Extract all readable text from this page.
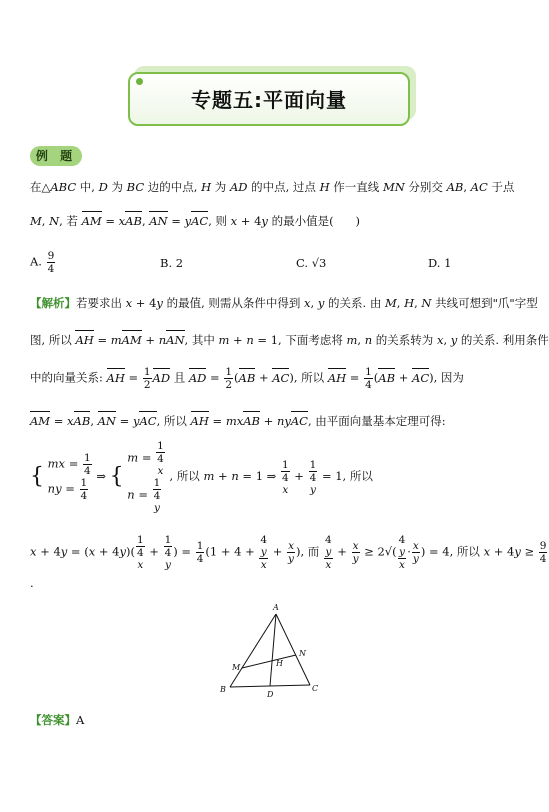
专题五:平面向量
例 题
在△ABC 中, D 为 BC 边的中点, H 为 AD 的中点, 过点 H 作一直线 MN 分别交 AB, AC 于点
M, N, 若 AM = xAB, AN = yAC, 则 x + 4y 的最小值是(      )
A. $\frac{9}{4}$	B. 2	C. √3	D. 1
【解析】若要求出 x + 4y 的最值, 则需从条件中得到 x, y 的关系. 由 M, H, N 共线可想到"爪"字型
图, 所以 AH = mAM + nAN, 其中 m + n = 1, 下面考虑将 m, n 的关系转为 x, y 的关系. 利用条件
中的向量关系: AH = $\frac{1}{2}$ AD 且 AD = $\frac{1}{2} (AB + AC)$, 所以 AH = $\frac{1}{4} (AB + AC)$, 因为
AM = xAB, AN = yAC, 所以 AH = mxAB + nyAC, 由平面向量基本定理可得:
{
mx = $\frac{1}{4}$
ny = $\frac{1}{4}$
⇒ {
m = 1
4
x
n = 1
4
y
, 所以 m + n = 1 ⇒ 1
4
x + 1
4
y = 1, 所以
x + 4y = (x + 4y)( 1
4
x + 1
4
y ) = $\frac{1}{4} (1 + 4 + 4$
y
$x + \frac{x}{y}$ ), 而 4
y
$x + \frac{x}{y} \ge 2√$( 4
y
$x \cdot \frac{x}{y}$ ) = 4, 所以 $x + 4y \ge \frac{9}{4}$
.
A
B	C
D
H
M
N
【答案】A
